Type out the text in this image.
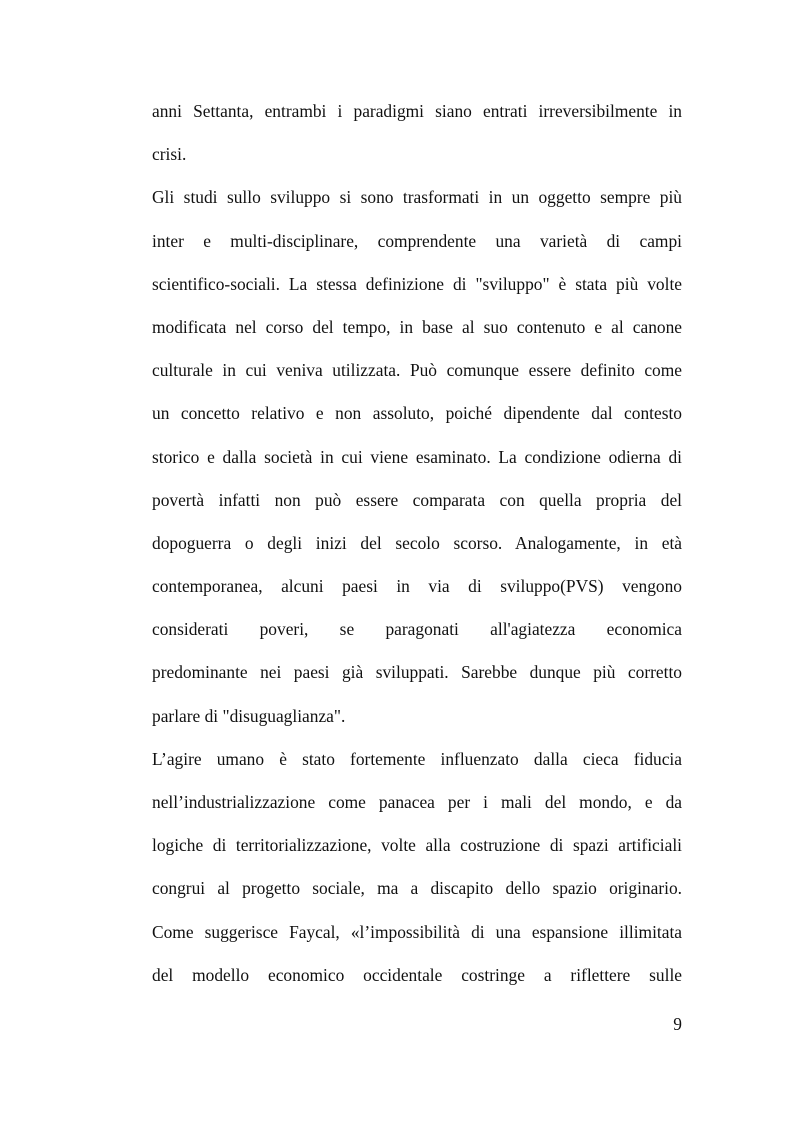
anni Settanta, entrambi i paradigmi siano entrati irreversibilmente in
crisi.
Gli studi sullo sviluppo si sono trasformati in un oggetto sempre più
inter e multi-disciplinare, comprendente una varietà di campi
scientifico-sociali. La stessa definizione di "sviluppo" è stata più volte
modificata nel corso del tempo, in base al suo contenuto e al canone
culturale in cui veniva utilizzata. Può comunque essere definito come
un concetto relativo e non assoluto, poiché dipendente dal contesto
storico e dalla società in cui viene esaminato. La condizione odierna di
povertà infatti non può essere comparata con quella propria del
dopoguerra o degli inizi del secolo scorso. Analogamente, in età
contemporanea, alcuni paesi in via di sviluppo(PVS) vengono
considerati poveri, se paragonati all'agiatezza economica
predominante nei paesi già sviluppati. Sarebbe dunque più corretto
parlare di "disuguaglianza".
L’agire umano è stato fortemente influenzato dalla cieca fiducia
nell’industrializzazione come panacea per i mali del mondo, e da
logiche di territorializzazione, volte alla costruzione di spazi artificiali
congrui al progetto sociale, ma a discapito dello spazio originario.
Come suggerisce Faycal, «l’impossibilità di una espansione illimitata
del modello economico occidentale costringe a riflettere sulle
9
